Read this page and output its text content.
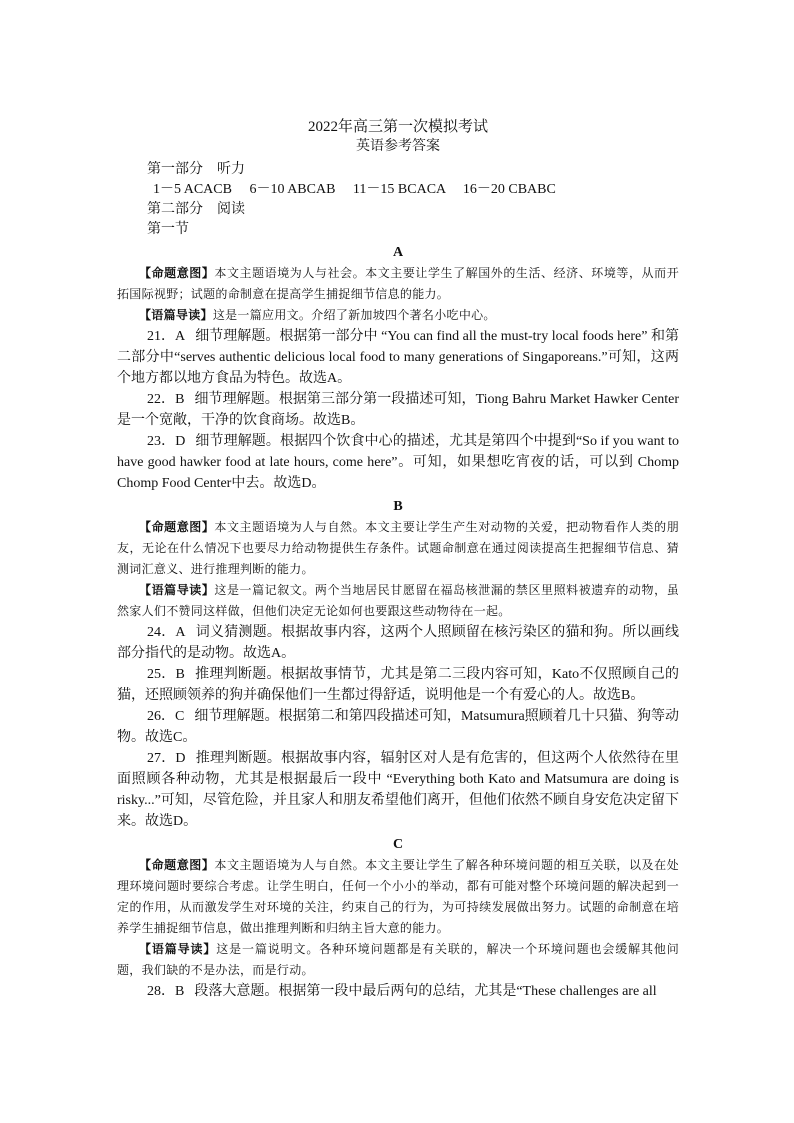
2022年高三第一次模拟考试

英语参考答案

第一部分　听力

1－5 ACACB　 6－10 ABCAB　 11－15 BCACA　 16－20 CBABC

第二部分　阅读

第一节

A

【命题意图】本文主题语境为人与社会。本文主要让学生了解国外的生活、经济、环境等，从而开拓国际视野；试题的命制意在提高学生捕捉细节信息的能力。

【语篇导读】这是一篇应用文。介绍了新加坡四个著名小吃中心。

21．A 细节理解题。根据第一部分中 “You can find all the must-try local foods here” 和第二部分中“serves authentic delicious local food to many generations of Singaporeans.”可知，这两个地方都以地方食品为特色。故选A。

22．B 细节理解题。根据第三部分第一段描述可知，Tiong Bahru Market Hawker Center是一个宽敞，干净的饮食商场。故选B。

23．D 细节理解题。根据四个饮食中心的描述，尤其是第四个中提到“So if you want to have good hawker food at late hours, come here”。可知，如果想吃宵夜的话，可以到 Chomp Chomp Food Center中去。故选D。

B

【命题意图】本文主题语境为人与自然。本文主要让学生产生对动物的关爱，把动物看作人类的朋友，无论在什么情况下也要尽力给动物提供生存条件。试题命制意在通过阅读提高生把握细节信息、猜测词汇意义、进行推理判断的能力。

【语篇导读】这是一篇记叙文。两个当地居民甘愿留在福岛核泄漏的禁区里照料被遗弃的动物，虽然家人们不赞同这样做，但他们决定无论如何也要跟这些动物待在一起。

24．A 词义猜测题。根据故事内容，这两个人照顾留在核污染区的猫和狗。所以画线部分指代的是动物。故选A。

25．B 推理判断题。根据故事情节，尤其是第二三段内容可知，Kato不仅照顾自己的猫，还照顾领养的狗并确保他们一生都过得舒适，说明他是一个有爱心的人。故选B。

26．C 细节理解题。根据第二和第四段描述可知，Matsumura照顾着几十只猫、狗等动物。故选C。

27．D 推理判断题。根据故事内容，辐射区对人是有危害的，但这两个人依然待在里面照顾各种动物，尤其是根据最后一段中 “Everything both Kato and Matsumura are doing is risky...”可知，尽管危险，并且家人和朋友希望他们离开，但他们依然不顾自身安危决定留下来。故选D。

C

【命题意图】本文主题语境为人与自然。本文主要让学生了解各种环境问题的相互关联，以及在处理环境问题时要综合考虑。让学生明白，任何一个小小的举动，都有可能对整个环境问题的解决起到一定的作用，从而激发学生对环境的关注，约束自己的行为，为可持续发展做出努力。试题的命制意在培养学生捕捉细节信息，做出推理判断和归纳主旨大意的能力。

【语篇导读】这是一篇说明文。各种环境问题都是有关联的，解决一个环境问题也会缓解其他问题，我们缺的不是办法，而是行动。

28．B 段落大意题。根据第一段中最后两句的总结，尤其是“These challenges are all
